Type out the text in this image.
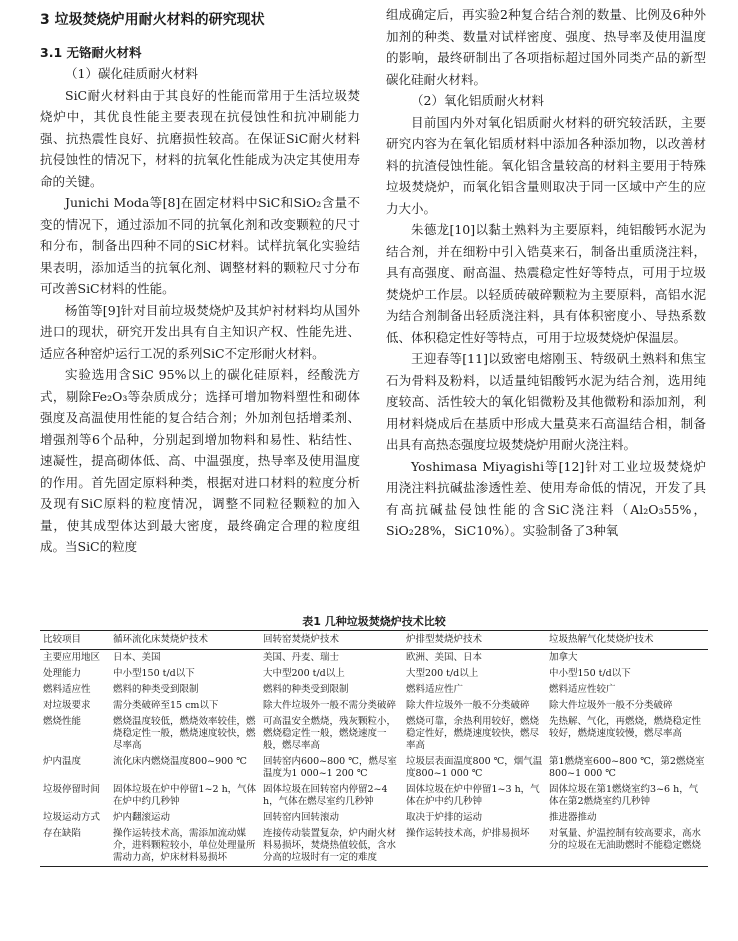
3 垃圾焚烧炉用耐火材料的研究现状

3.1 无铬耐火材料

（1）碳化硅质耐火材料

SiC耐火材料由于其良好的性能而常用于生活垃圾焚烧炉中，其优良性能主要表现在抗侵蚀性和抗冲刷能力强、抗热震性良好、抗磨损性较高。在保证SiC耐火材料抗侵蚀性的情况下，材料的抗氧化性能成为决定其使用寿命的关键。

Junichi Moda等[8]在固定材料中SiC和SiO₂含量不变的情况下，通过添加不同的抗氧化剂和改变颗粒的尺寸和分布，制备出四种不同的SiC材料。试样抗氧化实验结果表明，添加适当的抗氧化剂、调整材料的颗粒尺寸分布可改善SiC材料的性能。

杨笛等[9]针对目前垃圾焚烧炉及其炉衬材料均从国外进口的现状，研究开发出具有自主知识产权、性能先进、适应各种窑炉运行工况的系列SiC不定形耐火材料。

实验选用含SiC 95%以上的碳化硅原料，经酸洗方式，剔除Fe₂O₃等杂质成分；选择可增加物料塑性和砌体强度及高温使用性能的复合结合剂；外加剂包括增柔剂、增强剂等6个品种，分别起到增加物料和易性、粘结性、速凝性，提高砌体低、高、中温强度，热导率及使用温度的作用。首先固定原料种类，根据对进口材料的粒度分析及现有SiC原料的粒度情况，调整不同粒径颗粒的加入量，使其成型体达到最大密度，最终确定合理的粒度组成。当SiC的粒度

组成确定后，再实验2种复合结合剂的数量、比例及6种外加剂的种类、数量对试样密度、强度、热导率及使用温度的影响，最终研制出了各项指标超过国外同类产品的新型碳化硅耐火材料。

（2）氧化铝质耐火材料

目前国内外对氧化铝质耐火材料的研究较活跃，主要研究内容为在氧化铝质材料中添加各种添加物，以改善材料的抗渣侵蚀性能。氧化铝含量较高的材料主要用于特殊垃圾焚烧炉，而氧化铝含量则取决于同一区域中产生的应力大小。

朱德龙[10]以黏土熟料为主要原料，纯铝酸钙水泥为结合剂，并在细粉中引入锆莫来石，制备出重质浇注料，具有高强度、耐高温、热震稳定性好等特点，可用于垃圾焚烧炉工作层。以轻质砖破碎颗粒为主要原料，高铝水泥为结合剂制备出轻质浇注料，具有体积密度小、导热系数低、体积稳定性好等特点，可用于垃圾焚烧炉保温层。

王迎春等[11]以致密电熔刚玉、特级矾土熟料和焦宝石为骨料及粉料，以适量纯铝酸钙水泥为结合剂，选用纯度较高、活性较大的氧化铝微粉及其他微粉和添加剂，利用材料烧成后在基质中形成大量莫来石高温结合相，制备出具有高热态强度垃圾焚烧炉用耐火浇注料。

Yoshimasa Miyagishi等[12]针对工业垃圾焚烧炉用浇注料抗碱盐渗透性差、使用寿命低的情况，开发了具有高抗碱盐侵蚀性能的含SiC浇注料（Al₂O₃55%，SiO₂28%，SiC10%）。实验制备了3种氧

表1 几种垃圾焚烧炉技术比较
比较项目	循环流化床焚烧炉技术	回转窑焚烧炉技术	炉排型焚烧炉技术	垃圾热解气化焚烧炉技术
主要应用地区	日本、美国	美国、丹麦、瑞士	欧洲、美国、日本	加拿大
处理能力	中小型150 t/d以下	大中型200 t/d以上	大型200 t/d以上	中小型150 t/d以下
燃料适应性	燃料的种类受到限制	燃料的种类受到限制	燃料适应性广	燃料适应性较广
对垃圾要求	需分类破碎至15 cm以下	除大件垃圾外一般不需分类破碎	除大件垃圾外一般不分类破碎	除大件垃圾外一般不分类破碎
燃烧性能	燃烧温度较低，燃烧效率较佳，燃烧稳定性一般，燃烧速度较快，燃尽率高	可高温安全燃烧，残灰颗粒小，燃烧稳定性一般，燃烧速度一般，燃尽率高	燃烧可靠，余热利用较好，燃烧稳定性好，燃烧速度较快，燃尽率高	先热解、气化，再燃烧，燃烧稳定性较好，燃烧速度较慢，燃尽率高
炉内温度	流化床内燃烧温度800~900 ℃	回转窑内600~800 ℃，燃尽室温度为1 000~1 200 ℃	垃圾层表面温度800 ℃，烟气温度800~1 000 ℃	第1燃烧室600~800 ℃，第2燃烧室800~1 000 ℃
垃圾停留时间	固体垃圾在炉中停留1~2 h，气体在炉中约几秒钟	固体垃圾在回转窑内停留2~4 h，气体在燃尽室约几秒钟	固体垃圾在炉中停留1~3 h，气体在炉中约几秒钟	固体垃圾在第1燃烧室约3~6 h，气体在第2燃烧室约几秒钟
垃圾运动方式	炉内翻滚运动	回转窑内回转滚动	取决于炉排的运动	推进器推动
存在缺陷	操作运转技术高，需添加流动媒介，进料颗粒较小，单位处理量所需动力高，炉床材料易损坏	连接传动装置复杂，炉内耐火材料易损坏，焚烧热值较低，含水分高的垃圾时有一定的难度	操作运转技术高，炉排易损坏	对氧量、炉温控制有较高要求，高水分的垃圾在无油助燃时不能稳定燃烧
